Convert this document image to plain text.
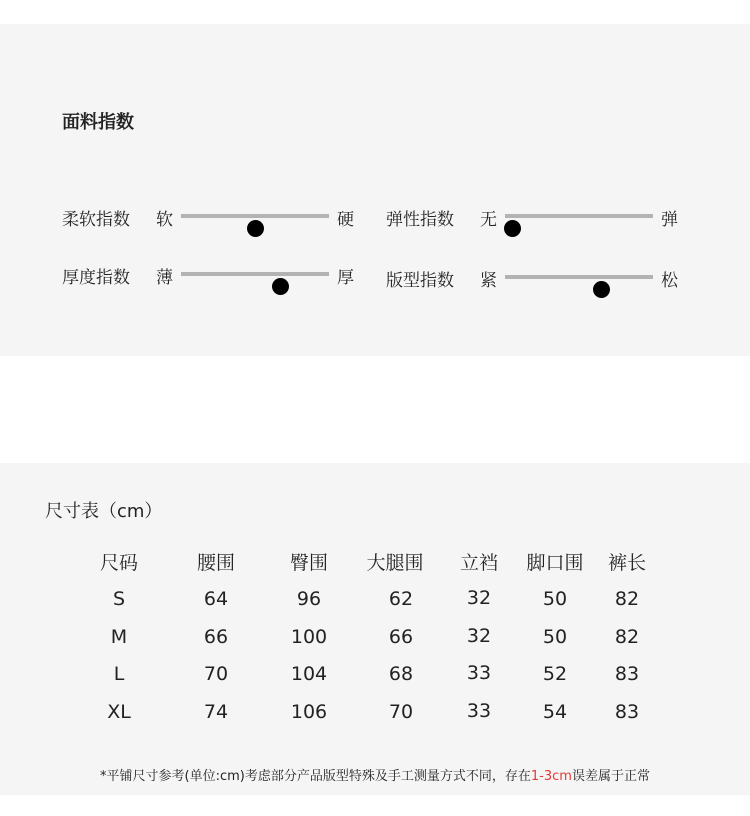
面料指数
柔软指数 软	硬 弹性指数 无	弹
厚度指数 薄	厚 版型指数 紧	松
尺寸表（cm）
尺码	腰围	臀围	大腿围	立裆	脚口围	裤长
S	64	96	62	32	50	82
M	66	100	66	32	50	82
L	70	104	68	33	52	83
XL	74	106	70	33	54	83
*平铺尺寸参考(单位:cm)考虑部分产品版型特殊及手工测量方式不同，存在1-3cm误差属于正常
